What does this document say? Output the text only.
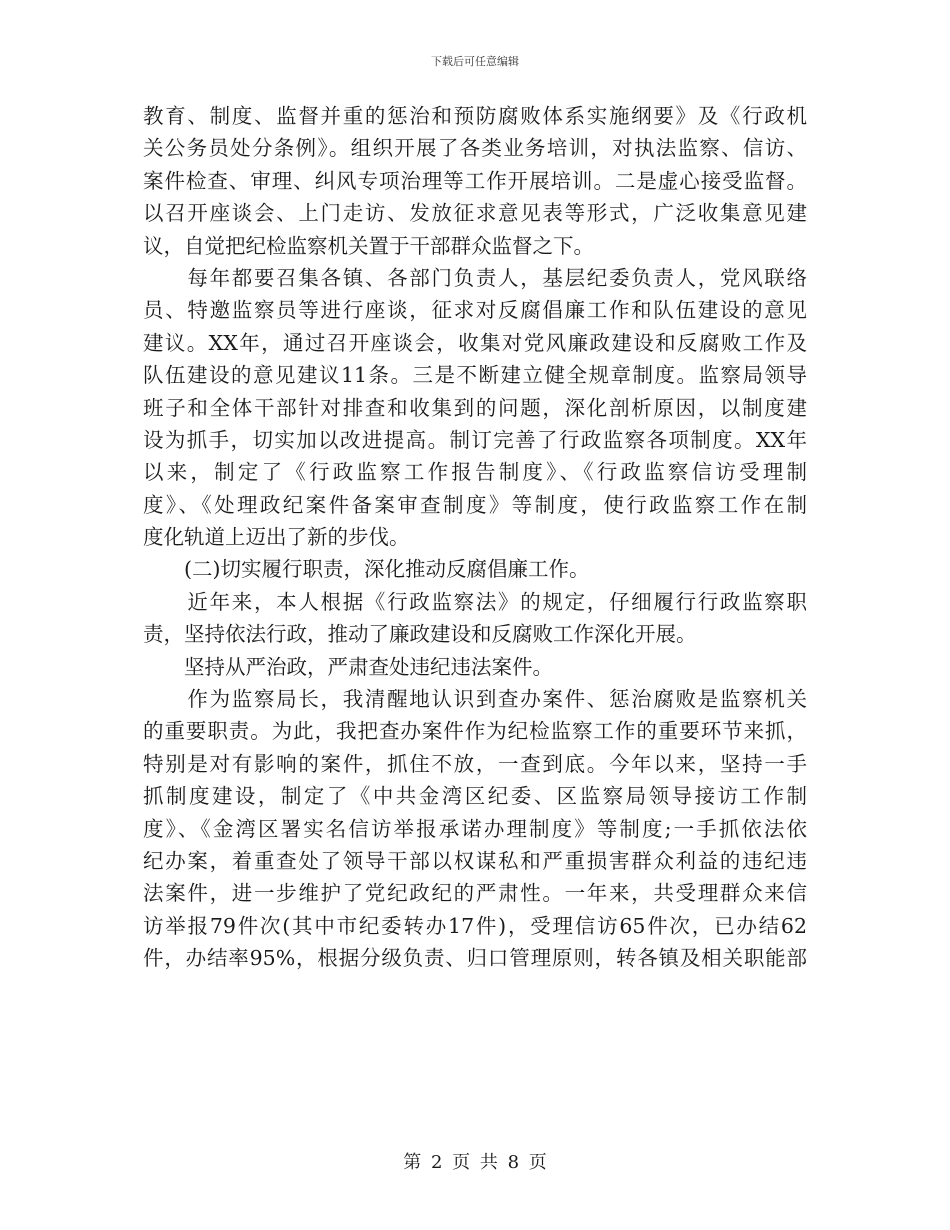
下载后可任意编辑
教育、制度、监督并重的惩治和预防腐败体系实施纲要》及《行政机
关公务员处分条例》。组织开展了各类业务培训，对执法监察、信访、
案件检查、审理、纠风专项治理等工作开展培训。二是虚心接受监督。
以召开座谈会、上门走访、发放征求意见表等形式，广泛收集意见建
议，自觉把纪检监察机关置于干部群众监督之下。
　　每年都要召集各镇、各部门负责人，基层纪委负责人，党风联络
员、特邀监察员等进行座谈，征求对反腐倡廉工作和队伍建设的意见
建议。XX年，通过召开座谈会，收集对党风廉政建设和反腐败工作及
队伍建设的意见建议11条。三是不断建立健全规章制度。监察局领导
班子和全体干部针对排查和收集到的问题，深化剖析原因，以制度建
设为抓手，切实加以改进提高。制订完善了行政监察各项制度。XX年
以来，制定了《行政监察工作报告制度》、《行政监察信访受理制
度》、《处理政纪案件备案审查制度》等制度，使行政监察工作在制
度化轨道上迈出了新的步伐。
　　(二)切实履行职责，深化推动反腐倡廉工作。
　　近年来，本人根据《行政监察法》的规定，仔细履行行政监察职
责，坚持依法行政，推动了廉政建设和反腐败工作深化开展。
　　坚持从严治政，严肃查处违纪违法案件。
　　作为监察局长，我清醒地认识到查办案件、惩治腐败是监察机关
的重要职责。为此，我把查办案件作为纪检监察工作的重要环节来抓，
特别是对有影响的案件，抓住不放，一查到底。今年以来，坚持一手
抓制度建设，制定了《中共金湾区纪委、区监察局领导接访工作制
度》、《金湾区署实名信访举报承诺办理制度》等制度;一手抓依法依
纪办案，着重查处了领导干部以权谋私和严重损害群众利益的违纪违
法案件，进一步维护了党纪政纪的严肃性。一年来，共受理群众来信
访举报79件次(其中市纪委转办17件)，受理信访65件次，已办结62
件，办结率95%，根据分级负责、归口管理原则，转各镇及相关职能部
第 2 页 共 8 页
